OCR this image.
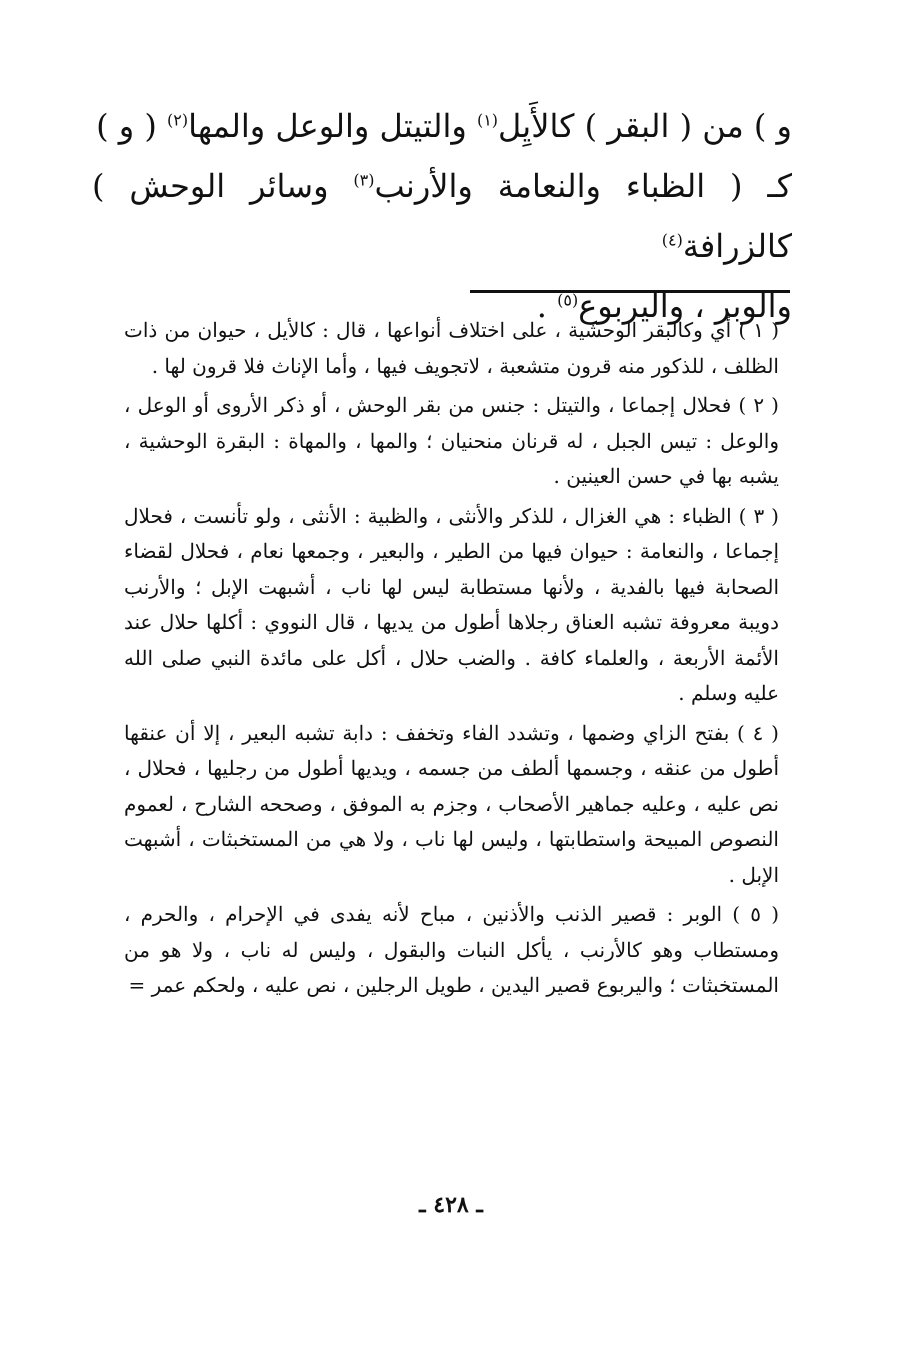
و ) من ( البقر ) كالأَيِل$^{(١)}$ والتيتل والوعل والمها$^{(٢)}$ ( و )

كـ ( الظباء والنعامة والأرنب$^{(٣)}$ وسائر الوحش ) كالزرافة$^{(٤)}$

والوبر ، واليربوع$^{(٥)}$ .

( ١ ) أي وكالبقر الوحشية ، على اختلاف أنواعها ، قال : كالأيل ، حيوان من ذات الظلف ، للذكور منه قرون متشعبة ، لاتجويف فيها ، وأما الإناث فلا قرون لها .

( ٢ ) فحلال إجماعا ، والتيتل : جنس من بقر الوحش ، أو ذكر الأروى أو الوعل ، والوعل : تيس الجبل ، له قرنان منحنيان ؛ والمها ، والمهاة : البقرة الوحشية ، يشبه بها في حسن العينين .

( ٣ ) الظباء : هي الغزال ، للذكر والأنثى ، والظبية : الأنثى ، ولو تأنست ، فحلال إجماعا ، والنعامة : حيوان فيها من الطير ، والبعير ، وجمعها نعام ، فحلال لقضاء الصحابة فيها بالفدية ، ولأنها مستطابة ليس لها ناب ، أشبهت الإبل ؛ والأرنب دويبة معروفة تشبه العناق رجلاها أطول من يديها ، قال النووي : أكلها حلال عند الأئمة الأربعة ، والعلماء كافة . والضب حلال ، أكل على مائدة النبي صلى الله عليه وسلم .

( ٤ ) بفتح الزاي وضمها ، وتشدد الفاء وتخفف : دابة تشبه البعير ، إلا أن عنقها أطول من عنقه ، وجسمها ألطف من جسمه ، ويديها أطول من رجليها ، فحلال ، نص عليه ، وعليه جماهير الأصحاب ، وجزم به الموفق ، وصححه الشارح ، لعموم النصوص المبيحة واستطابتها ، وليس لها ناب ، ولا هي من المستخبثات ، أشبهت الإبل .

( ٥ ) الوبر : قصير الذنب والأذنين ، مباح لأنه يفدى في الإحرام ، والحرم ، ومستطاب وهو كالأرنب ، يأكل النبات والبقول ، وليس له ناب ، ولا هو من المستخبثات ؛ واليربوع قصير اليدين ، طويل الرجلين ، نص عليه ، ولحكم عمر =

ـ ٤٢٨ ـ
